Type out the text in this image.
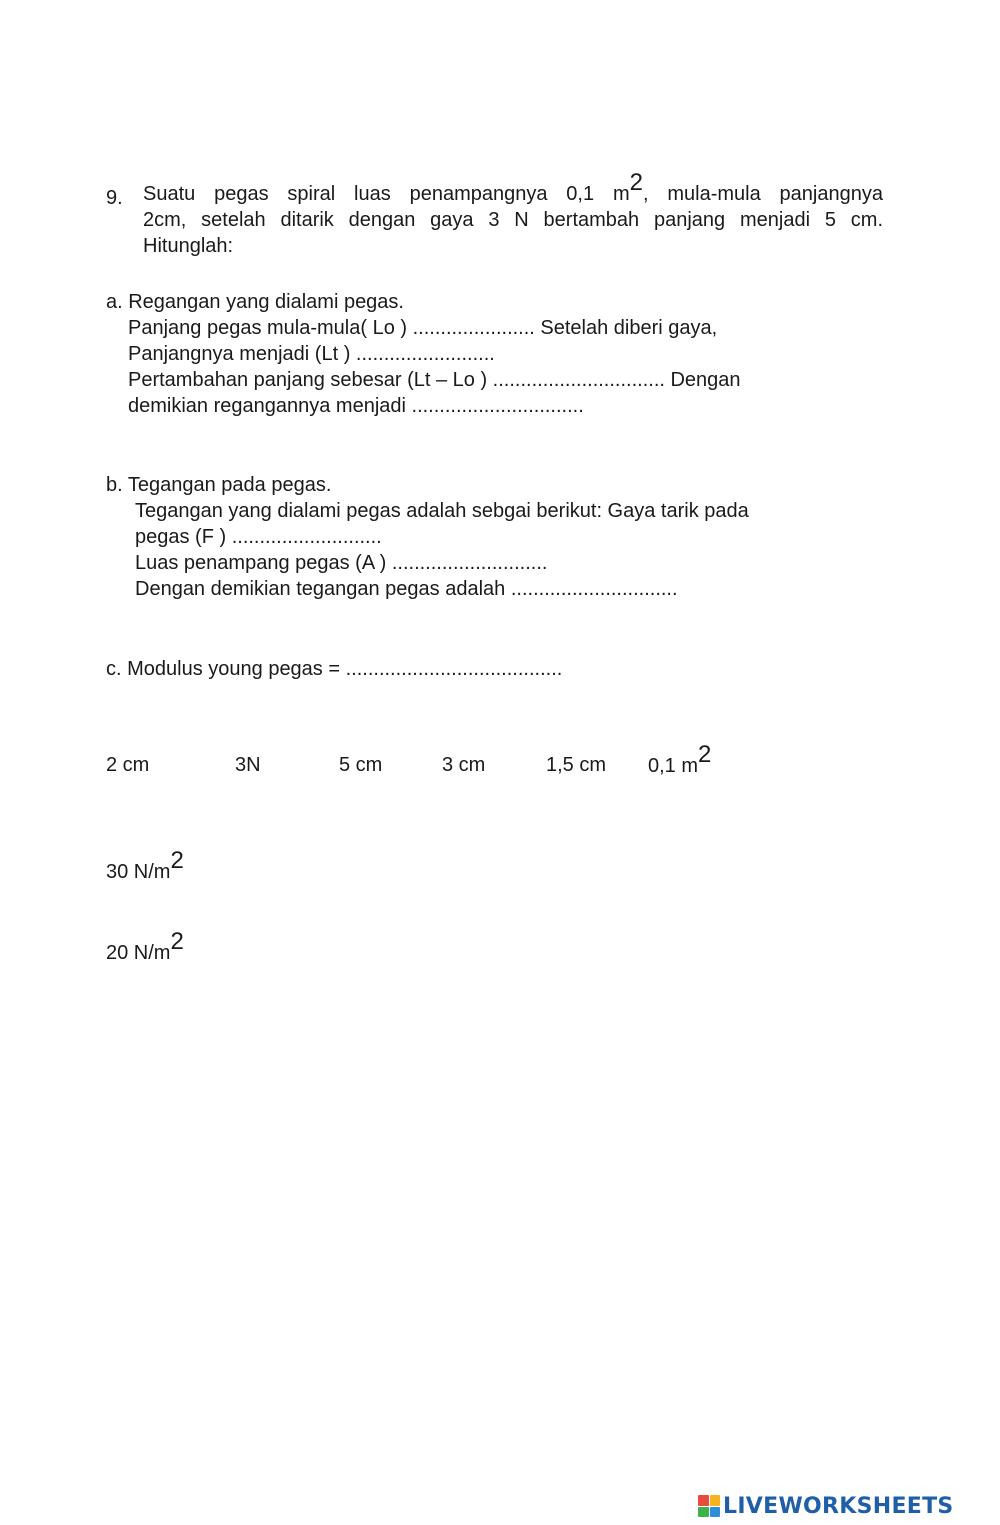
9. Suatu pegas spiral luas penampangnya 0,1 m2, mula-mula panjangnya
2cm, setelah ditarik dengan gaya 3 N bertambah panjang menjadi 5 cm.
Hitunglah:
a. Regangan yang dialami pegas.
Panjang pegas mula-mula( Lo ) ...................... Setelah diberi gaya,
Panjangnya menjadi (Lt ) .........................
Pertambahan panjang sebesar (Lt – Lo ) ............................... Dengan
demikian regangannya menjadi ...............................
b. Tegangan pada pegas.
Tegangan yang dialami pegas adalah sebgai berikut: Gaya tarik pada
pegas (F ) ...........................
Luas penampang pegas (A ) ............................
Dengan demikian tegangan pegas adalah ..............................
c. Modulus young pegas = .......................................
2 cm	3N	5 cm	3 cm	1,5 cm 0,1 m2
30 N/m2
20 N/m2
LIVEWORKSHEETS
